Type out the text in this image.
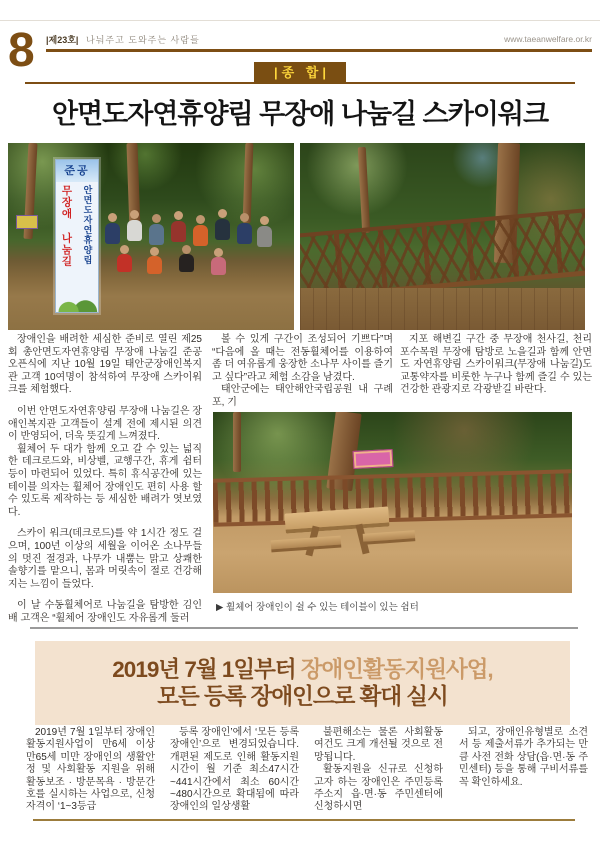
8 |제23호| 나눠주고 도와주는 사람들	www.taeanwelfare.or.kr
|종 합|
안면도자연휴양림 무장애 나눔길 스카이워크
준공
무장애 나눔길 안면도자연휴양림

장애인을 배려한 세심한 준비로 열린 제25회 총안면도자연휴양림 무장애 나눔길 준공 오픈식에 지난 10월 19일 태안군장애인복지관 고객 10여명이 참석하여 무장애 스카이워크를 체험했다.

이번 안면도자연휴양림 무장애 나눔길은 장애인복지관 고객들이 설계 전에 제시된 의견이 반영되어, 더욱 뜻깊게 느껴졌다.

휠체어 두 대가 함께 오고 갈 수 있는 넓직한 데크로드와, 비상벨, 교행구간, 휴게 쉼터 등이 마련되어 있었다. 특히 휴식공간에 있는 테이블 의자는 휠체어 장애인도 편히 사용 할 수 있도록 제작하는 등 세심한 배려가 엿보였다.

스카이 워크(데크로드)를 약 1시간 정도 걸으며, 100년 이상의 세월을 이어온 소나무들의 멋진 절경과, 나무가 내뿜는 맑고 상쾌한 솔향기를 맡으니, 몸과 머릿속이 절로 건강해지는 느낌이 들었다.

이 날 수동휠체어로 나눔길을 탐방한 김인배 고객은 “휠체어 장애인도 자유롭게 둘러

볼 수 있게 구간이 조성되어 기쁘다”며 “다음에 올 때는 전동휠체어를 이용하여 좀 더 여유롭게 웅장한 소나무 사이를 즐기고 싶다”라고 체험 소감을 남겼다.

태안군에는 태안해안국립공원 내 구례포, 기

지포 해변길 구간 중 무장애 천사길, 천리포수목원 무장애 탐방로 노을길과 함께 안면도 자연휴양림 스카이워크(무장애 나눔길)도 교통약자를 비롯한 누구나 함께 즐길 수 있는 건강한 관광지로 각광받길 바란다.

▶ 휠체어 장애인이 쉴 수 있는 테이블이 있는 쉼터
2019년 7월 1일부터 장애인활동지원사업,
모든 등록 장애인으로 확대 실시

2019년 7월 1일부터 장애인활동지원사업이 만6세 이상 만65세 미만 장애인의 생활안정 및 사회활동 지원을 위해 활동보조 · 방문목욕 · 방문간호를 실시하는 사업으로, 신청자격이 ‘1~3등급

등록 장애인’에서 ‘모든 등록 장애인’으로 변경되었습니다. 개편된 제도로 인해 활동지원시간이 월 기준 최소47시간~441시간에서 최소 60시간~480시간으로 확대됨에 따라 장애인의 일상생활

불편해소는 물론 사회활동 여건도 크게 개선될 것으로 전망됩니다.

활동지원을 신규로 신청하고자 하는 장애인은 주민등록 주소지 읍·면·동 주민센터에 신청하시면

되고, 장애인유형별로 소견서 등 제출서류가 추가되는 만큼 사전 전화 상담(읍·면·동 주민센터) 등을 통해 구비서류를 꼭 확인하세요.
